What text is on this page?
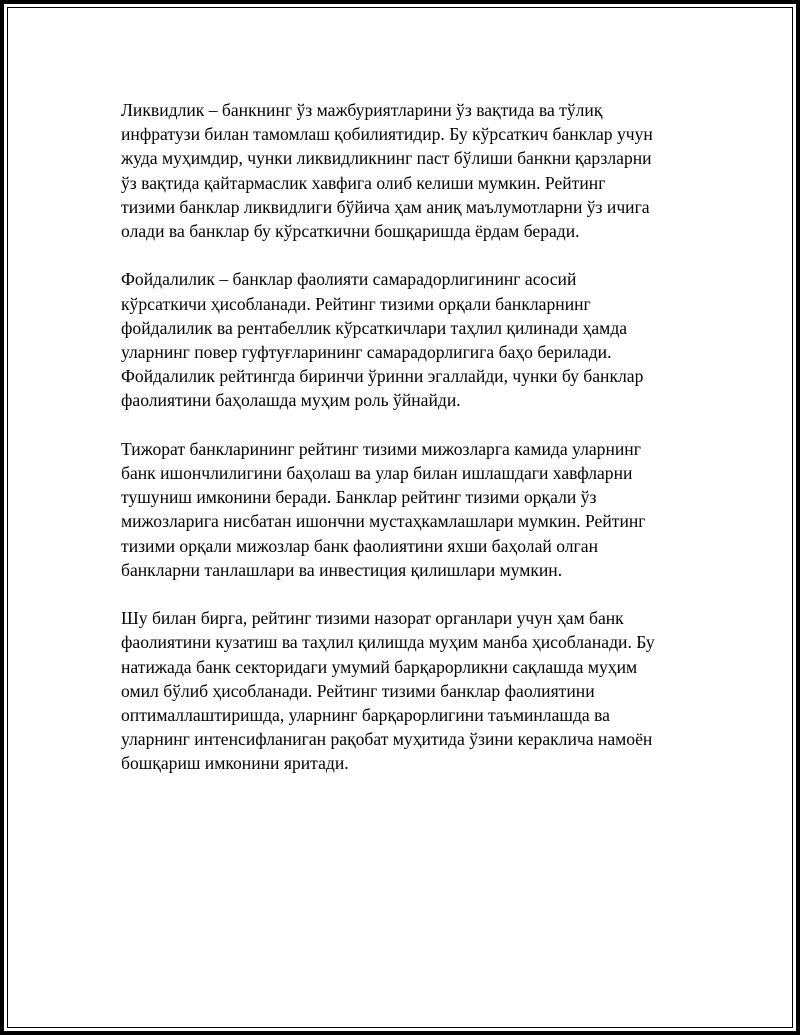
Ликвидлик – банкнинг ўз мажбуриятларини ўз вақтида ва тўлиқ
инфратузи билан тамомлаш қобилиятидир. Бу кўрсаткич банклар учун
жуда муҳимдир, чунки ликвидликнинг паст бўлиши банкни қарзларни
ўз вақтида қайтармаслик хавфига олиб келиши мумкин. Рейтинг
тизими банклар ликвидлиги бўйича ҳам аниқ маълумотларни ўз ичига
олади ва банклар бу кўрсаткични бошқаришда ёрдам беради.

Фойдалилик – банклар фаолияти самарадорлигининг асосий
кўрсаткичи ҳисобланади. Рейтинг тизими орқали банкларнинг
фойдалилик ва рентабеллик кўрсаткичлари таҳлил қилинади ҳамда
уларнинг повер гуфтуғларининг самарадорлигига баҳо берилади.
Фойдалилик рейтингда биринчи ўринни эгаллайди, чунки бу банклар
фаолиятини баҳолашда муҳим роль ўйнайди.

Тижорат банкларининг рейтинг тизими мижозларга камида уларнинг
банк ишончлилигини баҳолаш ва улар билан ишлашдаги хавфларни
тушуниш имконини беради. Банклар рейтинг тизими орқали ўз
мижозларига нисбатан ишончни мустаҳкамлашлари мумкин. Рейтинг
тизими орқали мижозлар банк фаолиятини яхши баҳолай олган
банкларни танлашлари ва инвестиция қилишлари мумкин.

Шу билан бирга, рейтинг тизими назорат органлари учун ҳам банк
фаолиятини кузатиш ва таҳлил қилишда муҳим манба ҳисобланади. Бу
натижада банк секторидаги умумий барқарорликни сақлашда муҳим
омил бўлиб ҳисобланади. Рейтинг тизими банклар фаолиятини
оптималлаштиришда, уларнинг барқарорлигини таъминлашда ва
уларнинг интенсифланиган рақобат муҳитида ўзини кераклича намоён
бошқариш имконини яритади.
